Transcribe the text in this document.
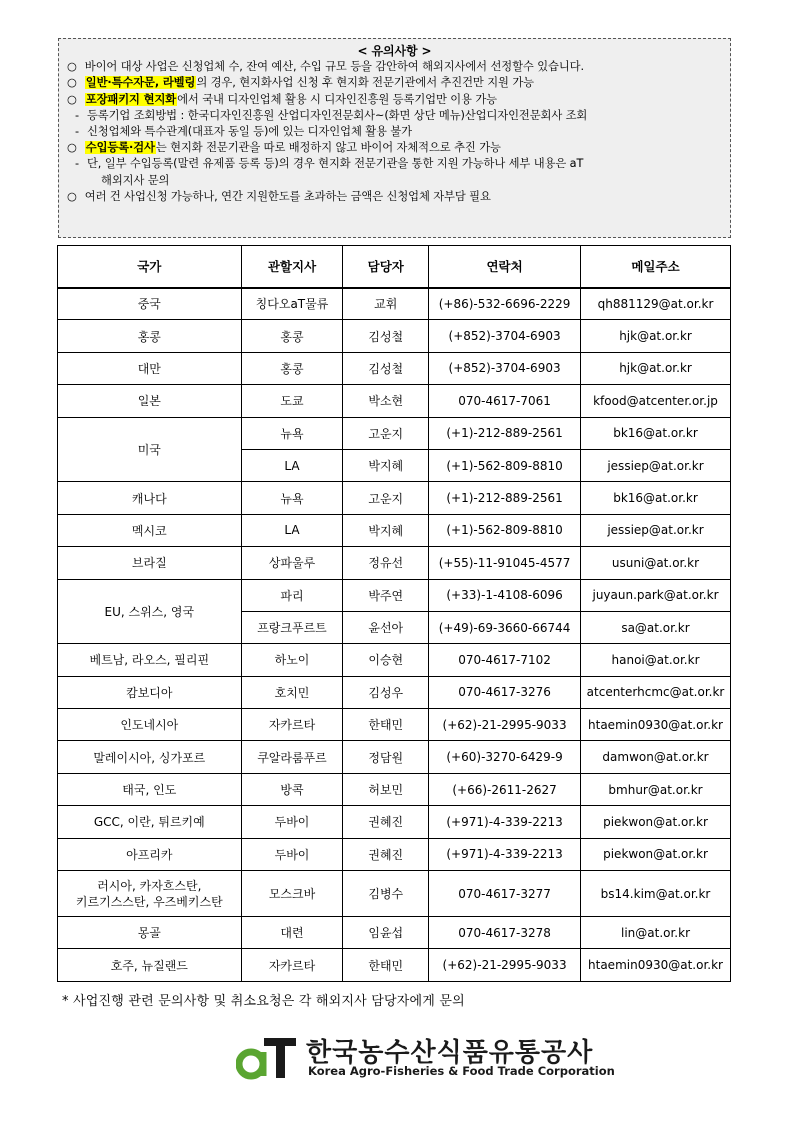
< 유의사항 >
○ 바이어 대상 사업은 신청업체 수, 잔여 예산, 수입 규모 등을 감안하여 해외지사에서 선정할수 있습니다.
○ 일반·특수자문, 라벨링의 경우, 현지화사업 신청 후 현지화 전문기관에서 추진건만 지원 가능
○ 포장패키지 현지화에서 국내 디자인업체 활용 시 디자인진흥원 등록기업만 이용 가능
- 등록기업 조회방법 : 한국디자인진흥원 산업디자인전문회사~(화면 상단 메뉴)산업디자인전문회사 조회
- 신청업체와 특수관계(대표자 동일 등)에 있는 디자인업체 활용 불가
○ 수입등록·검사는 현지화 전문기관을 따로 배정하지 않고 바이어 자체적으로 추진 가능
- 단, 일부 수입등록(말련 유제품 등록 등)의 경우 현지화 전문기관을 통한 지원 가능하나 세부 내용은 aT
해외지사 문의
○ 여러 건 사업신청 가능하나, 연간 지원한도를 초과하는 금액은 신청업체 자부담 필요
국가	관할지사	담당자	연락처	메일주소
중국	칭다오aT물류	교휘	(+86)-532-6696-2229	qh881129@at.or.kr
홍콩	홍콩	김성철	(+852)-3704-6903	hjk@at.or.kr
대만	홍콩	김성철	(+852)-3704-6903	hjk@at.or.kr
일본	도쿄	박소현	070-4617-7061	kfood@atcenter.or.jp
미국	뉴욕	고운지	(+1)-212-889-2561	bk16@at.or.kr
	LA	박지혜	(+1)-562-809-8810	jessiep@at.or.kr
캐나다	뉴욕	고운지	(+1)-212-889-2561	bk16@at.or.kr
멕시코	LA	박지혜	(+1)-562-809-8810	jessiep@at.or.kr
브라질	상파울루	정유선	(+55)-11-91045-4577	usuni@at.or.kr
EU, 스위스, 영국	파리	박주연	(+33)-1-4108-6096	juyaun.park@at.or.kr
	프랑크푸르트	윤선아	(+49)-69-3660-66744	sa@at.or.kr
베트남, 라오스, 필리핀	하노이	이승현	070-4617-7102	hanoi@at.or.kr
캄보디아	호치민	김성우	070-4617-3276	atcenterhcmc@at.or.kr
인도네시아	자카르타	한태민	(+62)-21-2995-9033	htaemin0930@at.or.kr
말레이시아, 싱가포르	쿠알라룸푸르	정담원	(+60)-3270-6429-9	damwon@at.or.kr
태국, 인도	방콕	허보민	(+66)-2611-2627	bmhur@at.or.kr
GCC, 이란, 튀르키예	두바이	권혜진	(+971)-4-339-2213	piekwon@at.or.kr
아프리카	두바이	권혜진	(+971)-4-339-2213	piekwon@at.or.kr
러시아, 카자흐스탄,
키르기스스탄, 우즈베키스탄	모스크바	김병수	070-4617-3277	bs14.kim@at.or.kr
몽골	대련	임윤섭	070-4617-3278	lin@at.or.kr
호주, 뉴질랜드	자카르타	한태민	(+62)-21-2995-9033	htaemin0930@at.or.kr
* 사업진행 관련 문의사항 및 취소요청은 각 해외지사 담당자에게 문의
한국농수산식품유통공사
Korea Agro-Fisheries & Food Trade Corporation
